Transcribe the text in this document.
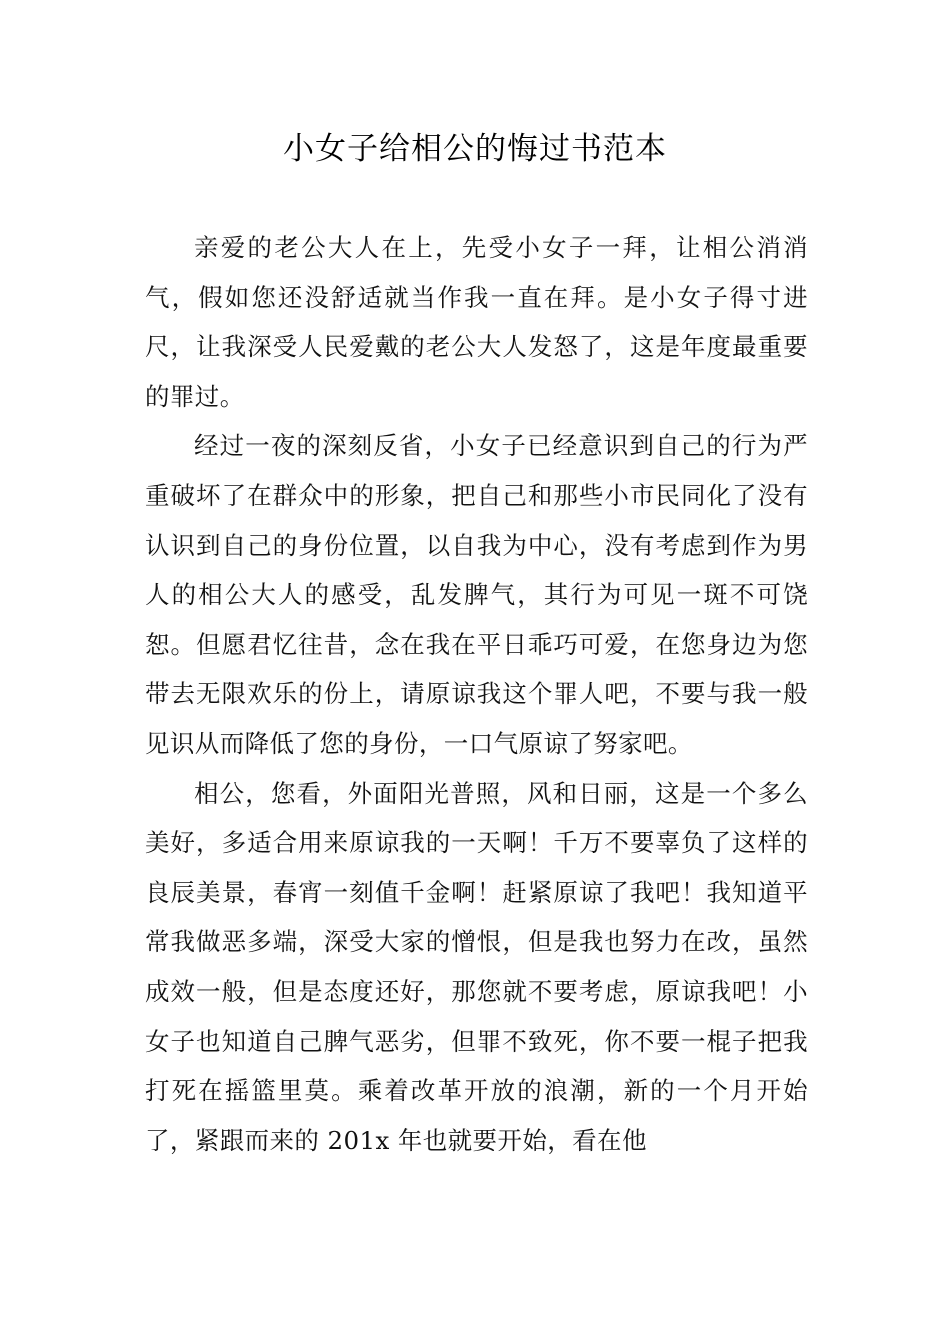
小女子给相公的悔过书范本

亲爱的老公大人在上，先受小女子一拜，让相公消消气，假如您还没舒适就当作我一直在拜。是小女子得寸进尺，让我深受人民爱戴的老公大人发怒了，这是年度最重要的罪过。

经过一夜的深刻反省，小女子已经意识到自己的行为严重破坏了在群众中的形象，把自己和那些小市民同化了没有认识到自己的身份位置，以自我为中心，没有考虑到作为男人的相公大人的感受，乱发脾气，其行为可见一斑不可饶恕。但愿君忆往昔，念在我在平日乖巧可爱，在您身边为您带去无限欢乐的份上，请原谅我这个罪人吧，不要与我一般见识从而降低了您的身份，一口气原谅了努家吧。

相公，您看，外面阳光普照，风和日丽，这是一个多么美好，多适合用来原谅我的一天啊！千万不要辜负了这样的良辰美景，春宵一刻值千金啊！赶紧原谅了我吧！我知道平常我做恶多端，深受大家的憎恨，但是我也努力在改，虽然成效一般，但是态度还好，那您就不要考虑，原谅我吧！小女子也知道自己脾气恶劣，但罪不致死，你不要一棍子把我打死在摇篮里莫。乘着改革开放的浪潮，新的一个月开始了，紧跟而来的 201x 年也就要开始，看在他
